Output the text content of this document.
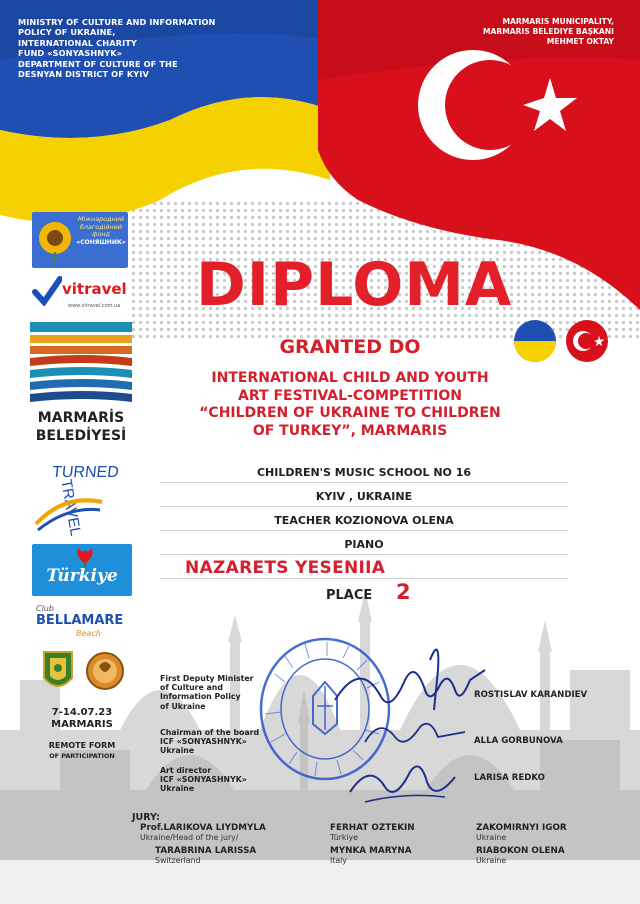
MINISTRY OF CULTURE AND INFORMATION
POLICY OF UKRAINE,
INTERNATIONAL CHARITY
FUND «SONYASHNYK»
DEPARTMENT OF CULTURE OF THE
DESNYAN DISTRICT OF KYIV
MARMARIS MUNICIPALITY,
MARMARIS BELEDIYE BAŞKANI
MEHMET OKTAY
Міжнародний
благодійний
фонд
«СОНЯШНИК»
vitravel
www.vitravel.com.ua
MARMARİS
BELEDİYESİ
TURNED
TRAVEL
Türkiye
Club
BELLAMARE
Beach
7-14.07.23
MARMARIS
REMOTE FORM
OF PARTICIPATION
DIPLOMA
GRANTED DO
INTERNATIONAL CHILD AND YOUTH
ART FESTIVAL-COMPETITION
“CHILDREN OF UKRAINE TO CHILDREN
OF TURKEY”, MARMARIS
CHILDREN'S MUSIC SCHOOL NO 16
KYIV , UKRAINE
TEACHER KOZIONOVA OLENA
PIANO
NAZARETS YESENIIA
PLACE 2
First Deputy Minister
of Culture and
Information Policy
of Ukraine
ROSTISLAV KARANDIEV
Chairman of the board
ICF «SONYASHNYK»
Ukraine
ALLA GORBUNOVA
Art director
ICF «SONYASHNYK»
Ukraine
LARISA REDKO
JURY:
Prof.LARIKOVA LIYDMYLA
Ukraine/Head of the jury/
FERHAT OZTEKIN
Türkiye
ZAKOMIRNYI IGOR
Ukraine
TARABRINA LARISSA
Switzerland
MYNKA MARYNA
Italy
RIABOKON OLENA
Ukraine
